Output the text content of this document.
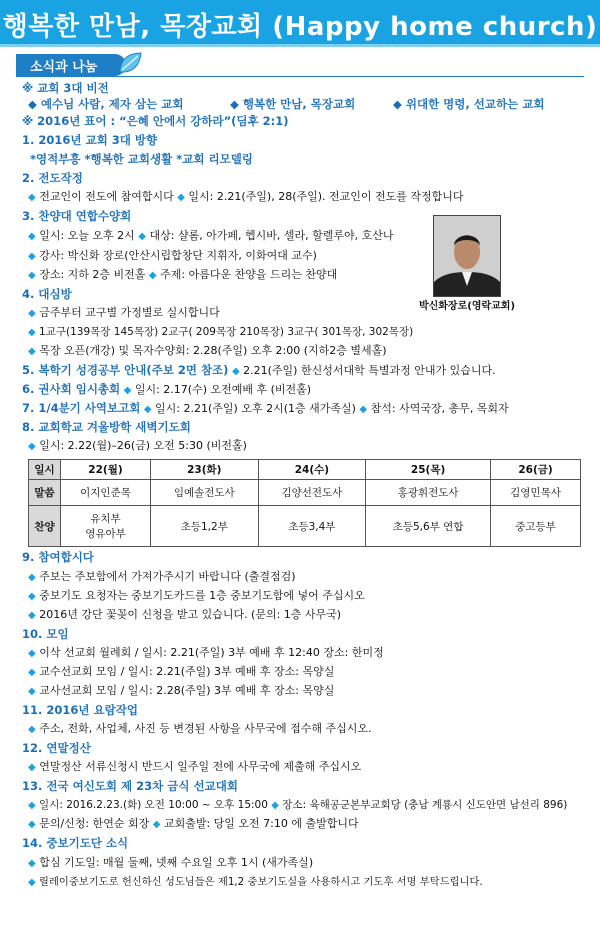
행복한 만남, 목장교회 (Happy home church)
소식과 나눔
※ 교회 3대 비전
◆ 예수님 사람, 제자 삼는 교회	◆ 행복한 만남, 목장교회	◆ 위대한 명령, 선교하는 교회
※ 2016년 표어 : “은혜 안에서 강하라”(딤후 2:1)
1. 2016년 교회 3대 방향
*영적부흥 *행복한 교회생활 *교회 리모델링
2. 전도작정
◆ 전교인이 전도에 참여합시다 ◆ 일시: 2.21(주일), 28(주일). 전교인이 전도를 작정합니다
3. 찬양대 연합수양회
◆ 일시: 오늘 오후 2시 ◆ 대상: 샬롬, 아가페, 헵시바, 셀라, 할렐루야, 호산나
◆ 강사: 박신화 장로(안산시립합창단 지휘자, 이화여대 교수)
◆ 장소: 지하 2층 비전홀 ◆ 주제: 아름다운 찬양을 드리는 찬양대
박신화장로(영락교회)
4. 대심방
◆ 금주부터 교구별 가정별로 실시합니다
◆ 1교구(139목장 145목장) 2교구( 209목장 210목장) 3교구( 301목장, 302목장)
◆ 목장 오픈(개강) 및 목자수양회: 2.28(주일) 오후 2:00 (지하2층 별세홀)
5. 복학기 성경공부 안내(주보 2면 참조) ◆ 2.21(주일) 한신성서대학 특별과정 안내가 있습니다.
6. 권사회 임시총회 ◆ 일시: 2.17(수) 오전예배 후 (비전홀)
7. 1/4분기 사역보고회 ◆ 일시: 2.21(주일) 오후 2시(1층 새가족실) ◆ 참석: 사역국장, 총무, 목회자
8. 교회학교 겨울방학 새벽기도회
◆ 일시: 2.22(월)–26(금) 오전 5:30 (비전홀)
일시	22(월)	23(화)	24(수)	25(목)	26(금)
말씀	이지인준목	임예솔전도사	김양선전도사	홍광휘전도사	김영민목사
찬양	유치부
영유아부	초등1,2부	초등3,4부	초등5,6부 연합	중고등부
9. 참여합시다
◆ 주보는 주보함에서 가져가주시기 바랍니다 (출결점검)
◆ 중보기도 요청자는 중보기도카드를 1층 중보기도함에 넣어 주십시오
◆ 2016년 강단 꽃꽂이 신청을 받고 있습니다. (문의: 1층 사무국)
10. 모임
◆ 이삭 선교회 월례회 / 일시: 2.21(주일) 3부 예배 후 12:40 장소: 한미정
◆ 교수선교회 모임 / 일시: 2.21(주일) 3부 예배 후 장소: 목양실
◆ 교사선교회 모임 / 일시: 2.28(주일) 3부 예배 후 장소: 목양실
11. 2016년 요람작업
◆ 주소, 전화, 사업체, 사진 등 변경된 사항을 사무국에 접수해 주십시오.
12. 연말정산
◆ 연말정산 서류신청시 반드시 일주일 전에 사무국에 제출해 주십시오
13. 전국 여신도회 제 23차 금식 선교대회
◆ 일시: 2016.2.23.(화) 오전 10:00 ~ 오후 15:00 ◆ 장소: 육해공군본부교회당 (충남 계룡시 신도안면 남선리 896)
◆ 문의/신청: 한연순 회장 ◆ 교회출발: 당일 오전 7:10 에 출발합니다
14. 중보기도단 소식
◆ 합심 기도일: 매월 둘째, 넷째 수요일 오후 1시 (새가족실)
◆ 릴레이중보기도로 헌신하신 성도님들은 제1,2 중보기도실을 사용하시고 기도후 서명 부탁드립니다.
